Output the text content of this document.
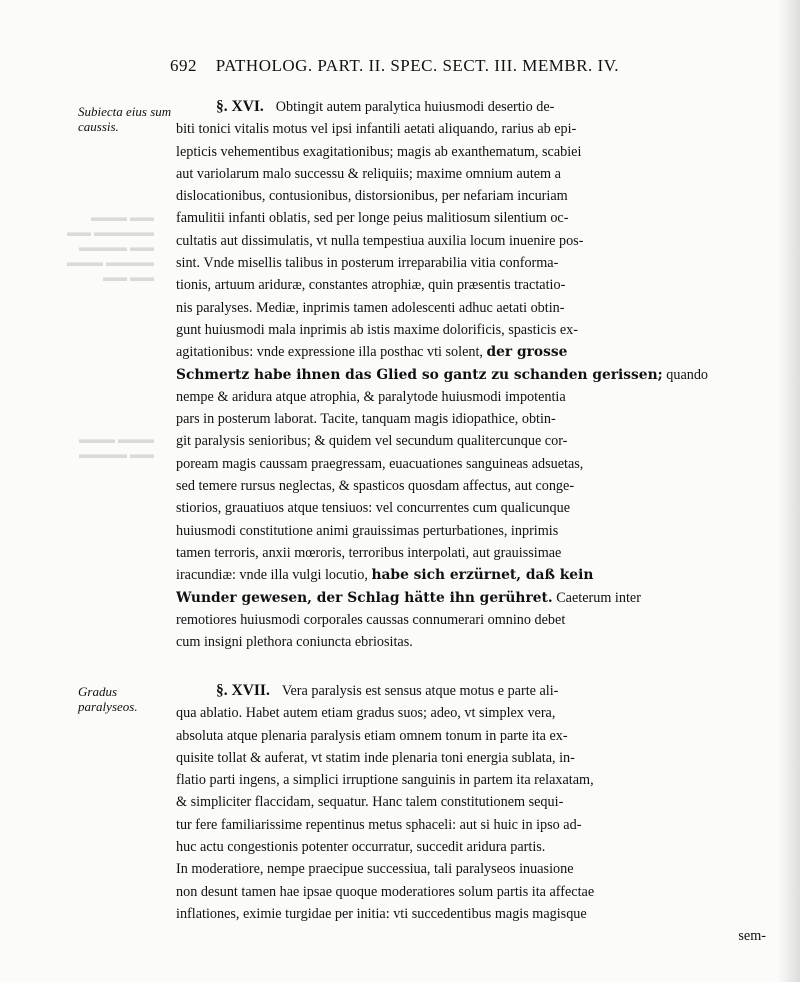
692 PATHOLOG. PART. II. SPEC. SECT. III. MEMBR. IV.
Subiecta eius sum caussis.
Gradus paralyseos.
▬▬ ▬▬▬
▬▬▬▬▬ ▬▬
▬▬ ▬▬▬▬
▬▬▬▬ ▬▬▬
▬▬ ▬▬
▬▬▬ ▬▬▬
▬▬ ▬▬▬▬
§. XVI. Obtingit autem paralytica huiusmodi desertio de-
biti tonici vitalis motus vel ipsi infantili aetati aliquando, rarius ab epi-
lepticis vehementibus exagitationibus; magis ab exanthematum, scabiei
aut variolarum malo successu & reliquiis; maxime omnium autem a
dislocationibus, contusionibus, distorsionibus, per nefariam incuriam
famulitii infanti oblatis, sed per longe peius malitiosum silentium oc-
cultatis aut dissimulatis, vt nulla tempestiua auxilia locum inuenire pos-
sint. Vnde misellis talibus in posterum irreparabilia vitia conforma-
tionis, artuum ariduræ, constantes atrophiæ, quin præsentis tractatio-
nis paralyses. Mediæ, inprimis tamen adolescenti adhuc aetati obtin-
gunt huiusmodi mala inprimis ab istis maxime dolorificis, spasticis ex-
agitationibus: vnde expressione illa posthac vti solent, der grosse
Schmertz habe ihnen das Glied so gantz zu schanden gerissen; quando
nempe & aridura atque atrophia, & paralytode huiusmodi impotentia
pars in posterum laborat. Tacite, tanquam magis idiopathice, obtin-
git paralysis senioribus; & quidem vel secundum qualitercunque cor-
poream magis caussam praegressam, euacuationes sanguineas adsuetas,
sed temere rursus neglectas, & spasticos quosdam affectus, aut conge-
stiorios, grauatiuos atque tensiuos: vel concurrentes cum qualicunque
huiusmodi constitutione animi grauissimas perturbationes, inprimis
tamen terroris, anxii mœroris, terroribus interpolati, aut grauissimae
iracundiæ: vnde illa vulgi locutio, habe sich erzürnet, daß kein
Wunder gewesen, der Schlag hätte ihn gerühret. Caeterum inter
remotiores huiusmodi corporales caussas connumerari omnino debet
cum insigni plethora coniuncta ebriositas.
§. XVII. Vera paralysis est sensus atque motus e parte ali-
qua ablatio. Habet autem etiam gradus suos; adeo, vt simplex vera,
absoluta atque plenaria paralysis etiam omnem tonum in parte ita ex-
quisite tollat & auferat, vt statim inde plenaria toni energia sublata, in-
flatio parti ingens, a simplici irruptione sanguinis in partem ita relaxatam,
& simpliciter flaccidam, sequatur. Hanc talem constitutionem sequi-
tur fere familiarissime repentinus metus sphaceli: aut si huic in ipso ad-
huc actu congestionis potenter occurratur, succedit aridura partis.
In moderatiore, nempe praecipue successiua, tali paralyseos inuasione
non desunt tamen hae ipsae quoque moderatiores solum partis ita affectae
inflationes, eximie turgidae per initia: vti succedentibus magis magisque
sem-
